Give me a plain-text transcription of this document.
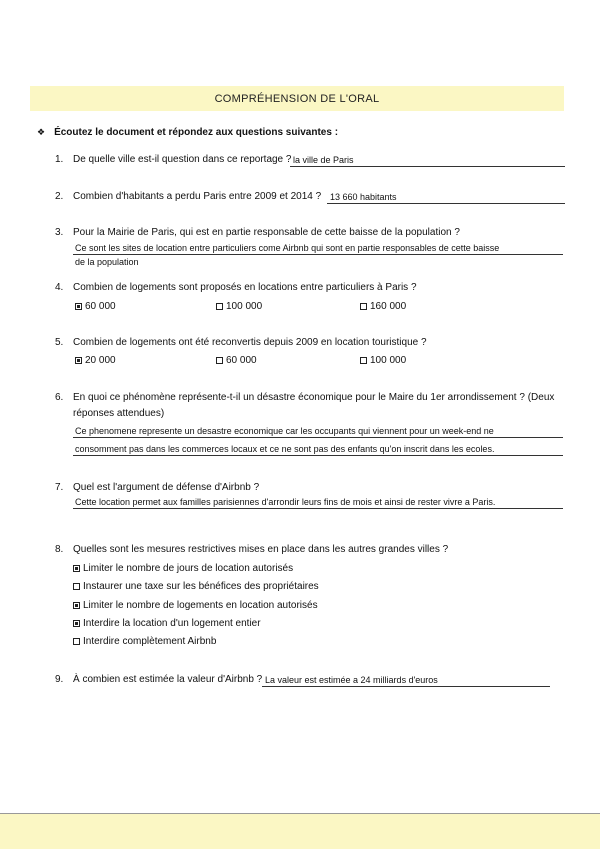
COMPRÉHENSION DE L'ORAL
❖ Écoutez le document et répondez aux questions suivantes :
1. De quelle ville est-il question dans ce reportage ? la ville de Paris
2. Combien d'habitants a perdu Paris entre 2009 et 2014 ? 13 660 habitants
3. Pour la Mairie de Paris, qui est en partie responsable de cette baisse de la population ?
Ce sont les sites de location entre particuliers come Airbnb qui sont en partie responsables de cette baisse
de la population
4. Combien de logements sont proposés en locations entre particuliers à Paris ?
60 000	100 000	160 000
5. Combien de logements ont été reconvertis depuis 2009 en location touristique ?
20 000	60 000	100 000
6. En quoi ce phénomène représente-t-il un désastre économique pour le Maire du 1er arrondissement ? (Deux
réponses attendues)
Ce phenomene represente un desastre economique car les occupants qui viennent pour un week-end ne
consomment pas dans les commerces locaux et ce ne sont pas des enfants qu'on inscrit dans les ecoles.
7. Quel est l'argument de défense d'Airbnb ?
Cette location permet aux familles parisiennes d'arrondir leurs fins de mois et ainsi de rester vivre a Paris.
8. Quelles sont les mesures restrictives mises en place dans les autres grandes villes ?
Limiter le nombre de jours de location autorisés
Instaurer une taxe sur les bénéfices des propriétaires
Limiter le nombre de logements en location autorisés
Interdire la location d'un logement entier
Interdire complètement Airbnb
9. À combien est estimée la valeur d'Airbnb ? La valeur est estimée a 24 milliards d'euros
